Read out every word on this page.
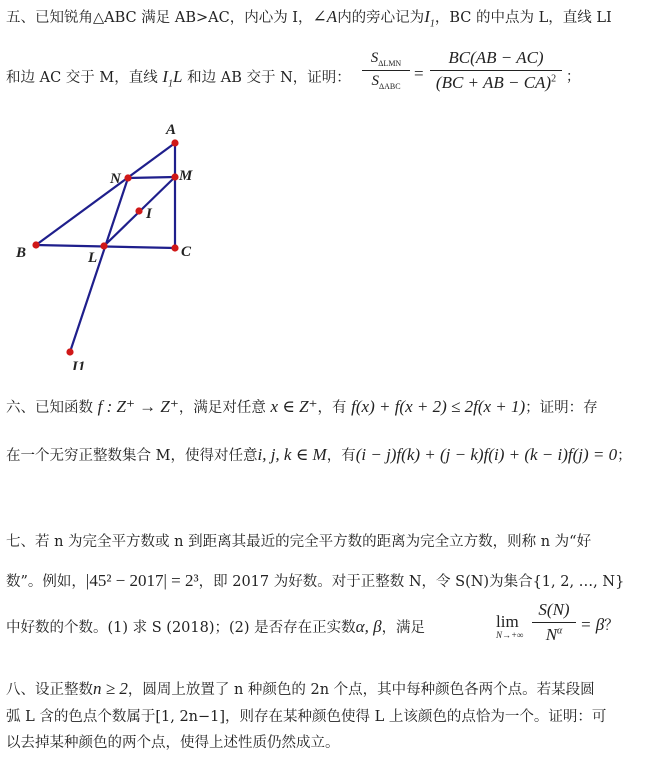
五、已知锐角△ABC 满足 AB>AC，内心为 I，∠A内的旁心记为$I_1$，BC 的中点为 L，直线 LI
和边 AC 交于 M，直线 $I_1L$ 和边 AB 交于 N，证明：
$S_{\Delta LMN}$
$S_{\Delta ABC}$
=
BC(AB − AC)
(BC + AB − CA)$^2$ ；
A
N	M
I
B	L	C
I1
六、已知函数 f : Z⁺ → Z⁺，满足对任意 x ∈ Z⁺，有 f(x) + f(x + 2) ≤ 2f(x + 1)；证明：存
在一个无穷正整数集合 M，使得对任意i, j, k ∈ M，有(i − j)f(k) + (j − k)f(i) + (k − i)f(j) = 0；
七、若 n 为完全平方数或 n 到距离其最近的完全平方数的距离为完全立方数，则称 n 为“好
数”。例如，|45² − 2017| = 2³，即 2017 为好数。对于正整数 N，令 S(N)为集合{1, 2, …, N}
中好数的个数。(1) 求 S (2018)；(2) 是否存在正实数α, β，满足	lim
N→+∞
S(N)
$N^\alpha$	= β？
八、设正整数n ≥ 2，圆周上放置了 n 种颜色的 2n 个点，其中每种颜色各两个点。若某段圆
弧 L 含的色点个数属于[1, 2n−1]，则存在某种颜色使得 L 上该颜色的点恰为一个。证明：可
以去掉某种颜色的两个点，使得上述性质仍然成立。
